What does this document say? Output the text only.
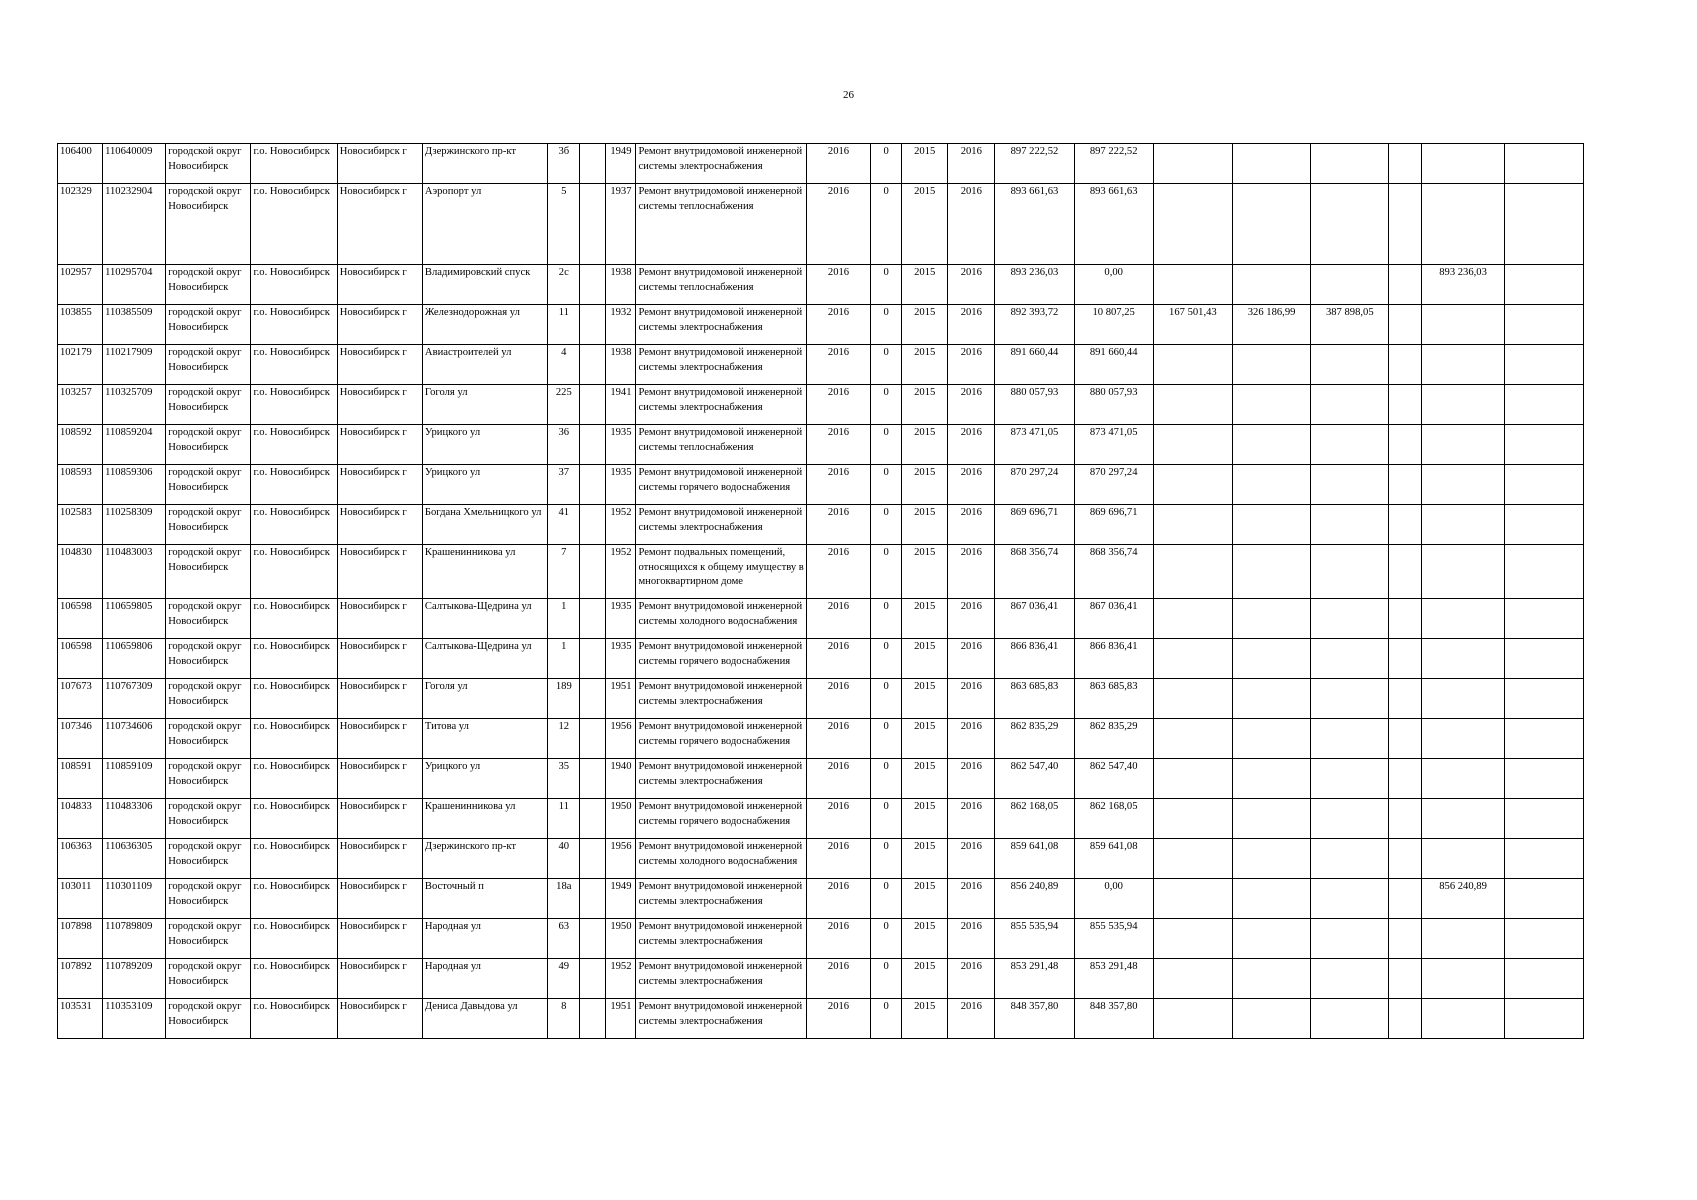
26
106400	110640009	городской округ Новосибирск	г.о. Новосибирск	Новосибирск г	Дзержинского пр-кт	3б		1949	Ремонт внутридомовой инженерной системы электроснабжения	2016	0	2015	2016	897 222,52	897 222,52						
102329	110232904	городской округ Новосибирск	г.о. Новосибирск	Новосибирск г	Аэропорт ул	5		1937	Ремонт внутридомовой инженерной системы теплоснабжения	2016	0	2015	2016	893 661,63	893 661,63						
102957	110295704	городской округ Новосибирск	г.о. Новосибирск	Новосибирск г	Владимировский спуск	2с		1938	Ремонт внутридомовой инженерной системы теплоснабжения	2016	0	2015	2016	893 236,03	0,00					893 236,03	
103855	110385509	городской округ Новосибирск	г.о. Новосибирск	Новосибирск г	Железнодорожная ул	11		1932	Ремонт внутридомовой инженерной системы электроснабжения	2016	0	2015	2016	892 393,72	10 807,25	167 501,43	326 186,99	387 898,05			
102179	110217909	городской округ Новосибирск	г.о. Новосибирск	Новосибирск г	Авиастроителей ул	4		1938	Ремонт внутридомовой инженерной системы электроснабжения	2016	0	2015	2016	891 660,44	891 660,44						
103257	110325709	городской округ Новосибирск	г.о. Новосибирск	Новосибирск г	Гоголя ул	225		1941	Ремонт внутридомовой инженерной системы электроснабжения	2016	0	2015	2016	880 057,93	880 057,93						
108592	110859204	городской округ Новосибирск	г.о. Новосибирск	Новосибирск г	Урицкого ул	36		1935	Ремонт внутридомовой инженерной системы теплоснабжения	2016	0	2015	2016	873 471,05	873 471,05						
108593	110859306	городской округ Новосибирск	г.о. Новосибирск	Новосибирск г	Урицкого ул	37		1935	Ремонт внутридомовой инженерной системы горячего водоснабжения	2016	0	2015	2016	870 297,24	870 297,24						
102583	110258309	городской округ Новосибирск	г.о. Новосибирск	Новосибирск г	Богдана Хмельницкого ул	41		1952	Ремонт внутридомовой инженерной системы электроснабжения	2016	0	2015	2016	869 696,71	869 696,71						
104830	110483003	городской округ Новосибирск	г.о. Новосибирск	Новосибирск г	Крашенинникова ул	7		1952	Ремонт подвальных помещений, относящихся к общему имуществу в многоквартирном доме	2016	0	2015	2016	868 356,74	868 356,74						
106598	110659805	городской округ Новосибирск	г.о. Новосибирск	Новосибирск г	Салтыкова-Щедрина ул	1		1935	Ремонт внутридомовой инженерной системы холодного водоснабжения	2016	0	2015	2016	867 036,41	867 036,41						
106598	110659806	городской округ Новосибирск	г.о. Новосибирск	Новосибирск г	Салтыкова-Щедрина ул	1		1935	Ремонт внутридомовой инженерной системы горячего водоснабжения	2016	0	2015	2016	866 836,41	866 836,41						
107673	110767309	городской округ Новосибирск	г.о. Новосибирск	Новосибирск г	Гоголя ул	189		1951	Ремонт внутридомовой инженерной системы электроснабжения	2016	0	2015	2016	863 685,83	863 685,83						
107346	110734606	городской округ Новосибирск	г.о. Новосибирск	Новосибирск г	Титова ул	12		1956	Ремонт внутридомовой инженерной системы горячего водоснабжения	2016	0	2015	2016	862 835,29	862 835,29						
108591	110859109	городской округ Новосибирск	г.о. Новосибирск	Новосибирск г	Урицкого ул	35		1940	Ремонт внутридомовой инженерной системы электроснабжения	2016	0	2015	2016	862 547,40	862 547,40						
104833	110483306	городской округ Новосибирск	г.о. Новосибирск	Новосибирск г	Крашенинникова ул	11		1950	Ремонт внутридомовой инженерной системы горячего водоснабжения	2016	0	2015	2016	862 168,05	862 168,05						
106363	110636305	городской округ Новосибирск	г.о. Новосибирск	Новосибирск г	Дзержинского пр-кт	40		1956	Ремонт внутридомовой инженерной системы холодного водоснабжения	2016	0	2015	2016	859 641,08	859 641,08						
103011	110301109	городской округ Новосибирск	г.о. Новосибирск	Новосибирск г	Восточный п	18а		1949	Ремонт внутридомовой инженерной системы электроснабжения	2016	0	2015	2016	856 240,89	0,00					856 240,89	
107898	110789809	городской округ Новосибирск	г.о. Новосибирск	Новосибирск г	Народная ул	63		1950	Ремонт внутридомовой инженерной системы электроснабжения	2016	0	2015	2016	855 535,94	855 535,94						
107892	110789209	городской округ Новосибирск	г.о. Новосибирск	Новосибирск г	Народная ул	49		1952	Ремонт внутридомовой инженерной системы электроснабжения	2016	0	2015	2016	853 291,48	853 291,48						
103531	110353109	городской округ Новосибирск	г.о. Новосибирск	Новосибирск г	Дениса Давыдова ул	8		1951	Ремонт внутридомовой инженерной системы электроснабжения	2016	0	2015	2016	848 357,80	848 357,80						
